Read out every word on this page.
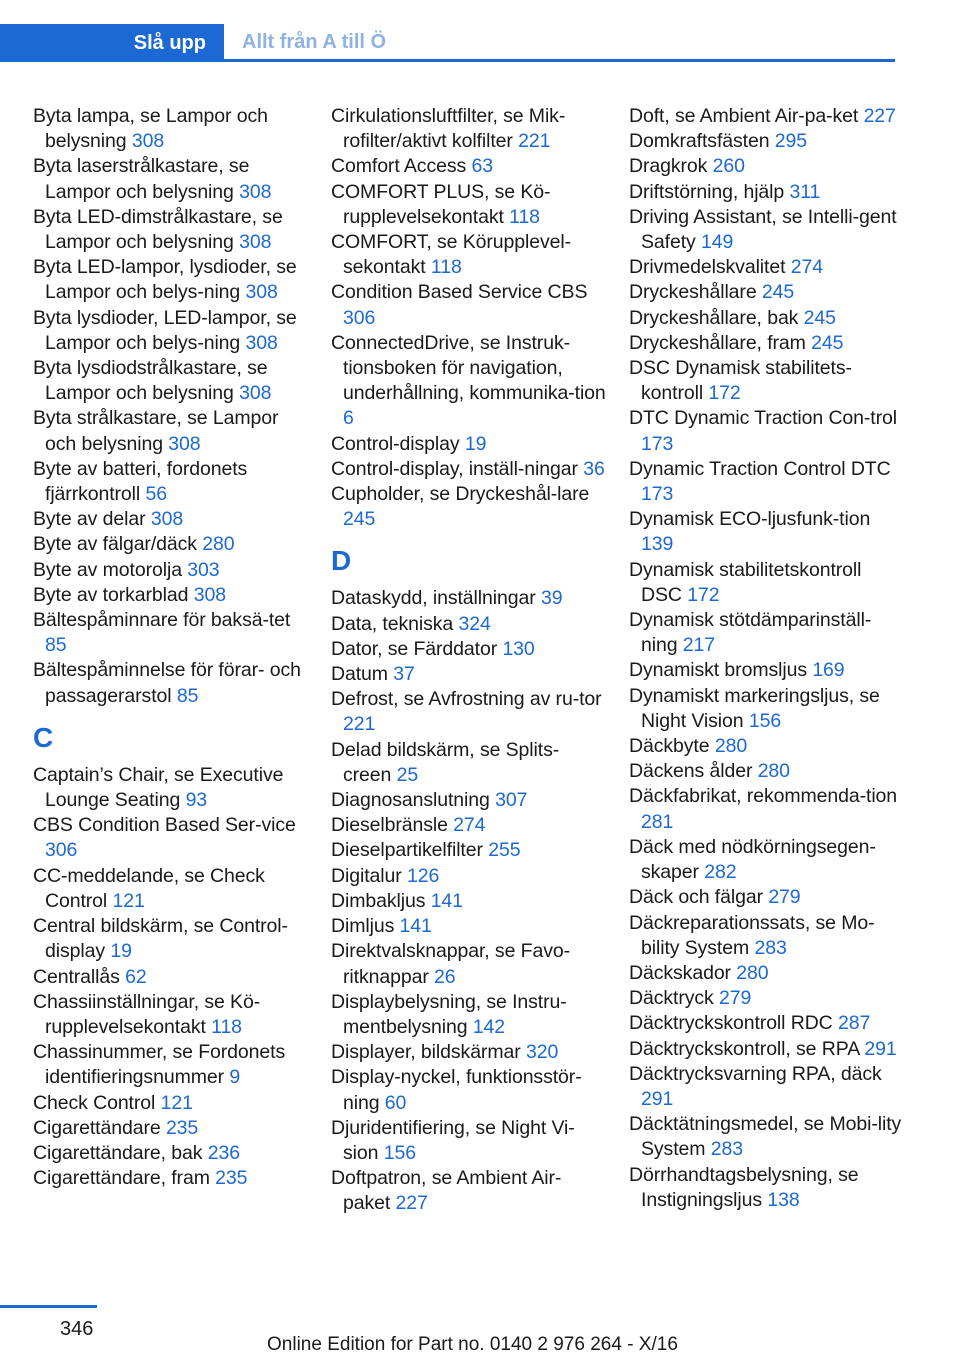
Slå upp	Allt från A till Ö
Byta lampa, se Lampor och belysning 308
Byta laserstrålkastare, se Lampor och belysning 308
Byta LED-dimstrålkastare, se Lampor och belysning 308
Byta LED-lampor, lysdioder, se Lampor och belys-ning 308
Byta lysdioder, LED-lampor, se Lampor och belys-ning 308
Byta lysdiodstrålkastare, se Lampor och belysning 308
Byta strålkastare, se Lampor och belysning 308
Byte av batteri, fordonets fjärrkontroll 56
Byte av delar 308
Byte av fälgar/däck 280
Byte av motorolja 303
Byte av torkarblad 308
Bältespåminnare för baksä-tet 85
Bältespåminnelse för förar- och passagerarstol 85
C
Captain’s Chair, se Executive Lounge Seating 93
CBS Condition Based Ser-vice 306
CC-meddelande, se Check Control 121
Central bildskärm, se Control-display 19
Centrallås 62
Chassiinställningar, se Kö-rupplevelsekontakt 118
Chassinummer, se Fordonets identifieringsnummer 9
Check Control 121
Cigarettändare 235
Cigarettändare, bak 236
Cigarettändare, fram 235
Cirkulationsluftfilter, se Mik-rofilter/aktivt kolfilter 221
Comfort Access 63
COMFORT PLUS, se Kö-rupplevelsekontakt 118
COMFORT, se Körupplevel-sekontakt 118
Condition Based Service CBS 306
ConnectedDrive, se Instruk-tionsboken för navigation, underhållning, kommunika-tion 6
Control-display 19
Control-display, inställ-ningar 36
Cupholder, se Dryckeshål-lare 245
D
Dataskydd, inställningar 39
Data, tekniska 324
Dator, se Färddator 130
Datum 37
Defrost, se Avfrostning av ru-tor 221
Delad bildskärm, se Splits-creen 25
Diagnosanslutning 307
Dieselbränsle 274
Dieselpartikelfilter 255
Digitalur 126
Dimbakljus 141
Dimljus 141
Direktvalsknappar, se Favo-ritknappar 26
Displaybelysning, se Instru-mentbelysning 142
Displayer, bildskärmar 320
Display-nyckel, funktionsstör-ning 60
Djuridentifiering, se Night Vi-sion 156
Doftpatron, se Ambient Air-paket 227
Doft, se Ambient Air-pa-ket 227
Domkraftsfästen 295
Dragkrok 260
Driftstörning, hjälp 311
Driving Assistant, se Intelli-gent Safety 149
Drivmedelskvalitet 274
Dryckeshållare 245
Dryckeshållare, bak 245
Dryckeshållare, fram 245
DSC Dynamisk stabilitets-kontroll 172
DTC Dynamic Traction Con-trol 173
Dynamic Traction Control DTC 173
Dynamisk ECO-ljusfunk-tion 139
Dynamisk stabilitetskontroll DSC 172
Dynamisk stötdämparinställ-ning 217
Dynamiskt bromsljus 169
Dynamiskt markeringsljus, se Night Vision 156
Däckbyte 280
Däckens ålder 280
Däckfabrikat, rekommenda-tion 281
Däck med nödkörningsegen-skaper 282
Däck och fälgar 279
Däckreparationssats, se Mo-bility System 283
Däckskador 280
Däcktryck 279
Däcktryckskontroll RDC 287
Däcktryckskontroll, se RPA 291
Däcktrycksvarning RPA, däck 291
Däcktätningsmedel, se Mobi-lity System 283
Dörrhandtagsbelysning, se Instigningsljus 138
346
Online Edition for Part no. 0140 2 976 264 - X/16
